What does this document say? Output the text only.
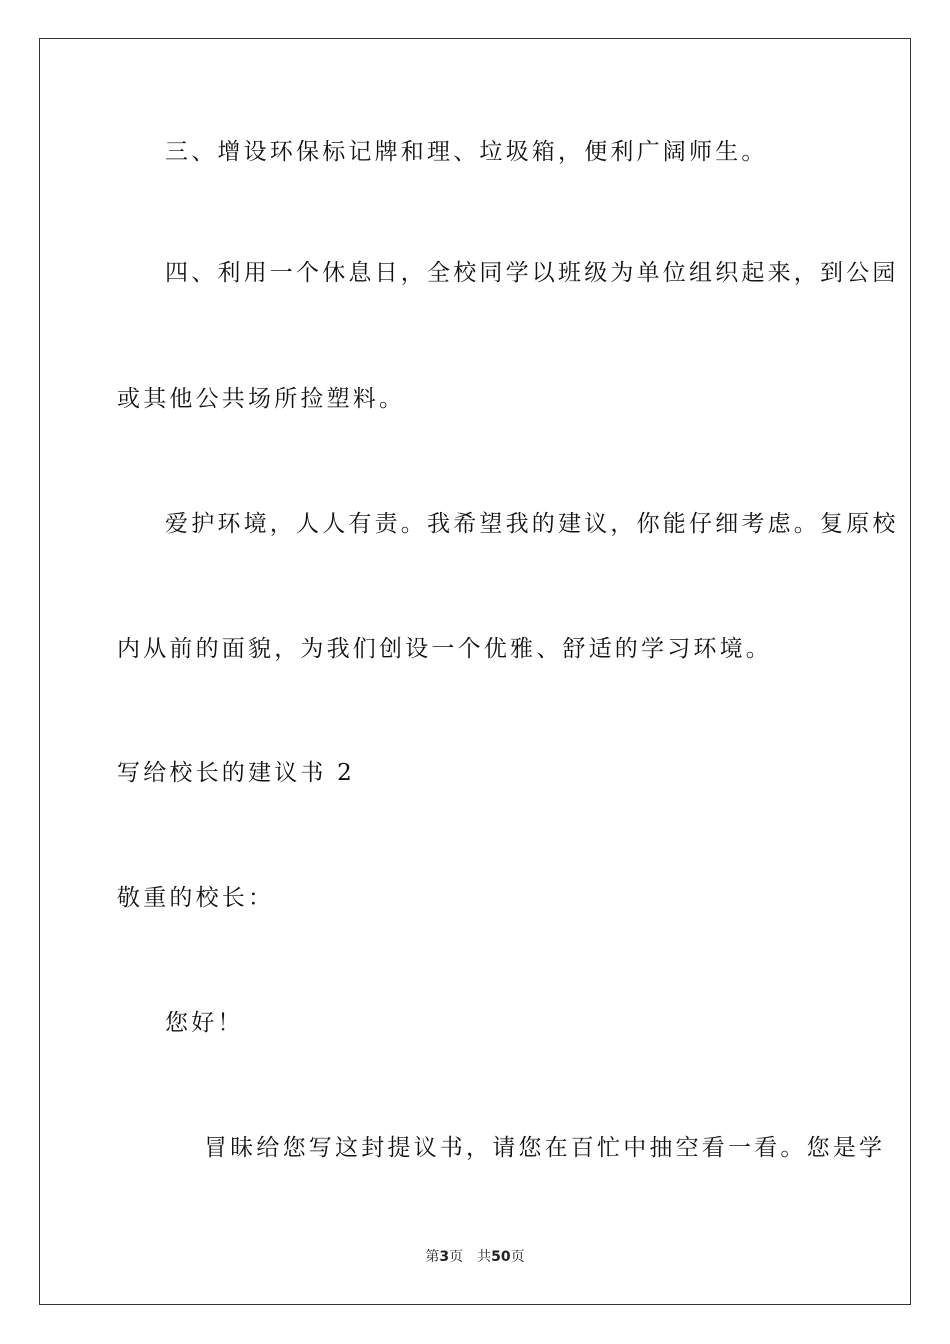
三、增设环保标记牌和理、垃圾箱，便利广阔师生。
四、利用一个休息日，全校同学以班级为单位组织起来，到公园
或其他公共场所捡塑料。
爱护环境，人人有责。我希望我的建议，你能仔细考虑。复原校
内从前的面貌，为我们创设一个优雅、舒适的学习环境。
写给校长的建议书 2
敬重的校长：
您好！
冒昧给您写这封提议书，请您在百忙中抽空看一看。您是学
第3页 共50页
